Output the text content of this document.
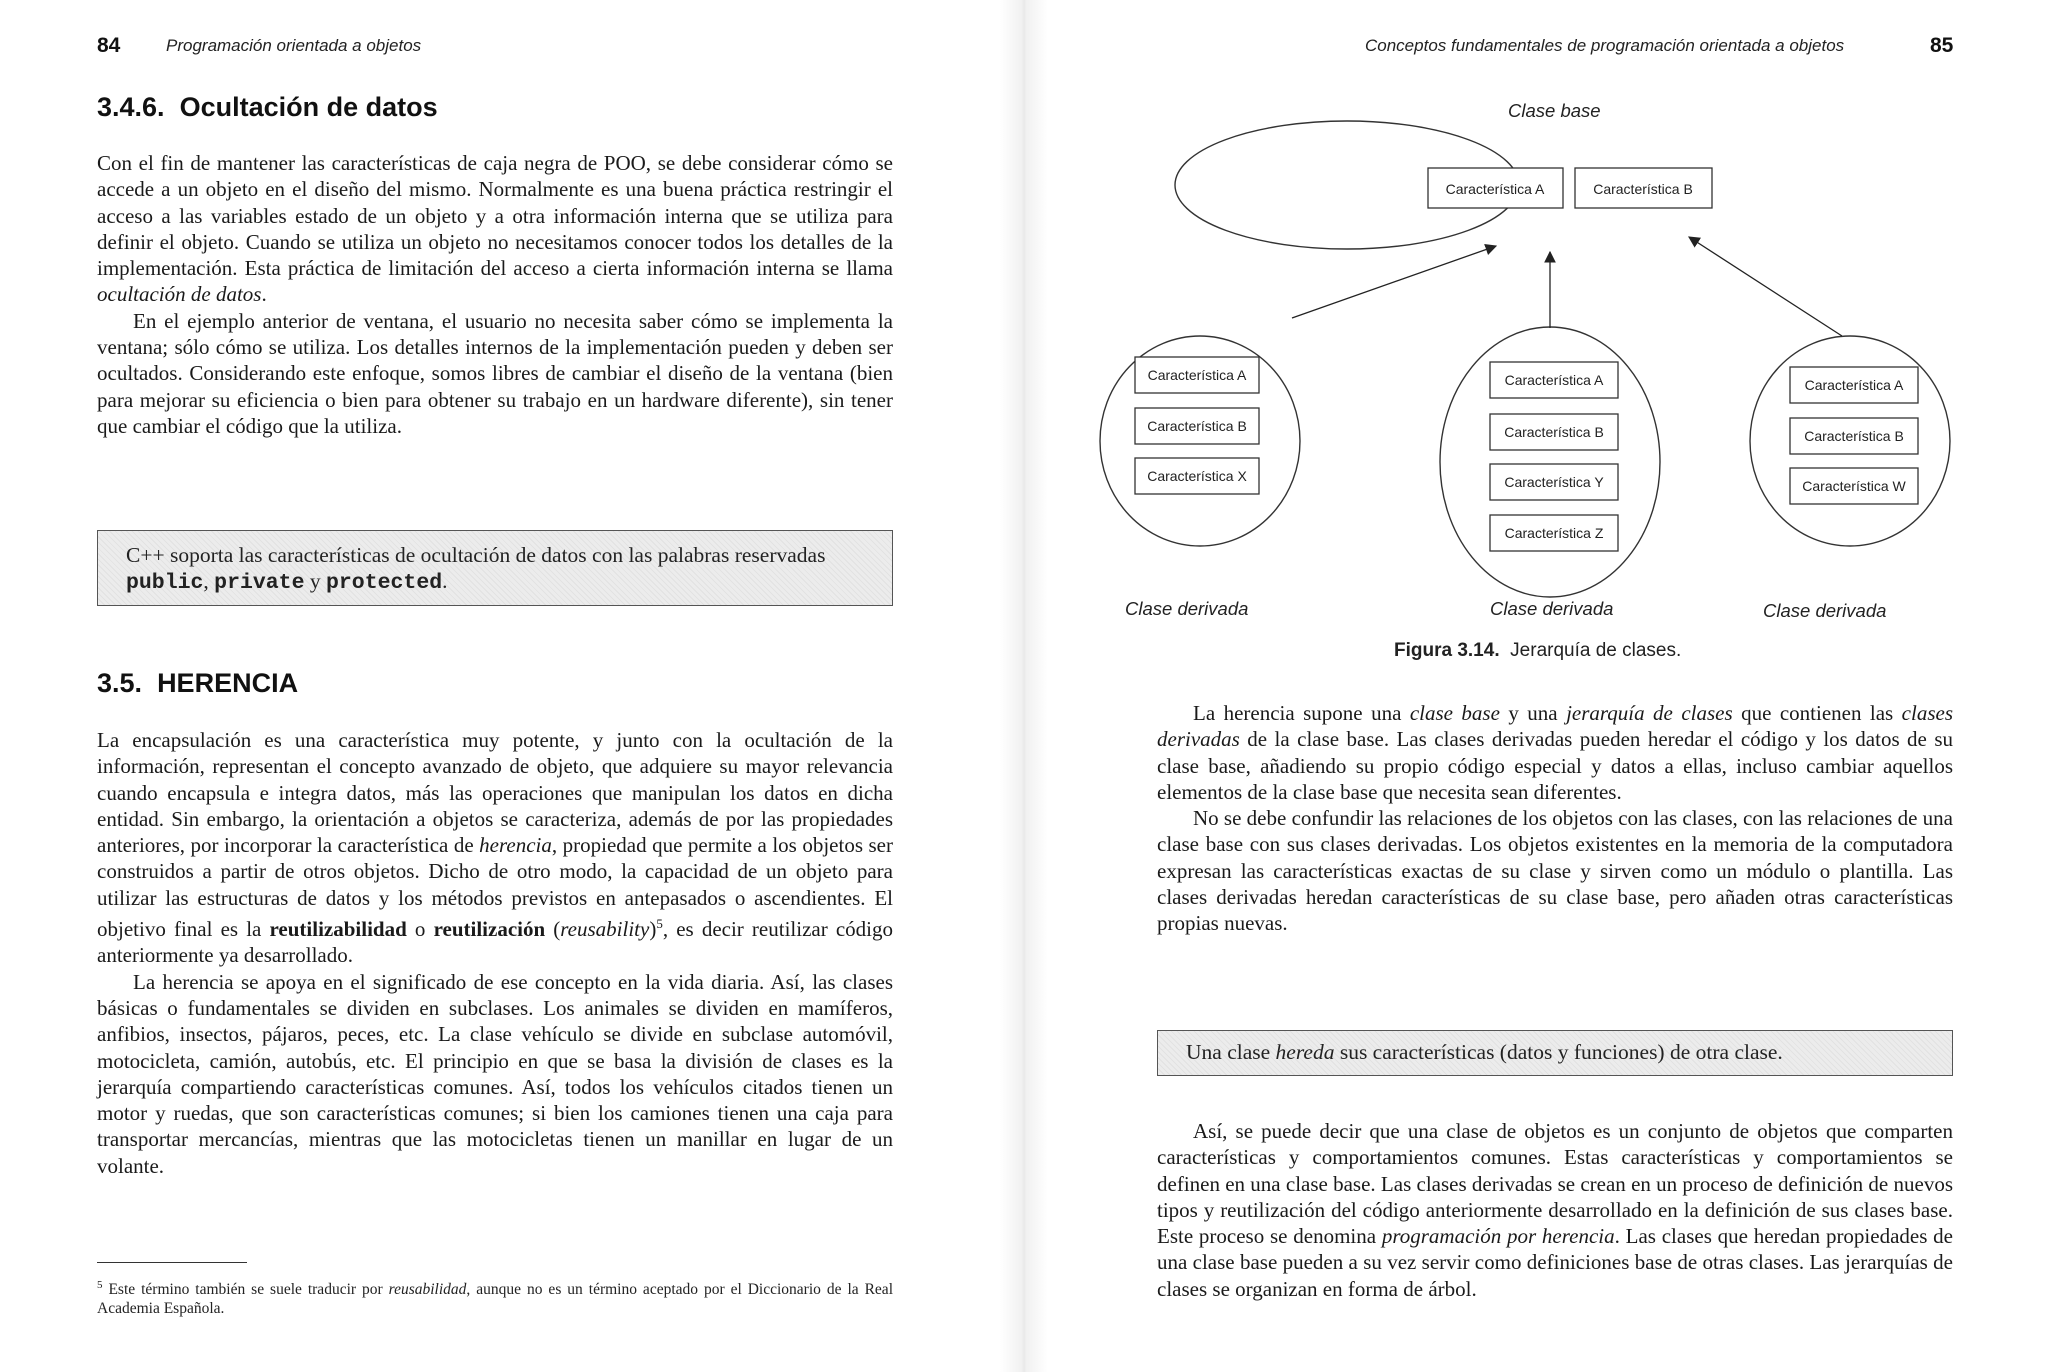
84	Programación orientada a objetos
3.4.6. Ocultación de datos

Con el fin de mantener las características de caja negra de POO, se debe considerar cómo se accede a un objeto en el diseño del mismo. Normalmente es una buena práctica restringir el acceso a las variables estado de un objeto y a otra información interna que se utiliza para definir el objeto. Cuando se utiliza un objeto no necesitamos conocer todos los detalles de la implementación. Esta práctica de limitación del acceso a cierta información interna se llama ocultación de datos.

En el ejemplo anterior de ventana, el usuario no necesita saber cómo se implementa la ventana; sólo cómo se utiliza. Los detalles internos de la implementación pueden y deben ser ocultados. Considerando este enfoque, somos libres de cambiar el diseño de la ventana (bien para mejorar su eficiencia o bien para obtener su trabajo en un hardware diferente), sin tener que cambiar el código que la utiliza.

C++ soporta las características de ocultación de datos con las palabras reservadas public, private y protected.

3.5. HERENCIA

La encapsulación es una característica muy potente, y junto con la ocultación de la información, representan el concepto avanzado de objeto, que adquiere su mayor relevancia cuando encapsula e integra datos, más las operaciones que manipulan los datos en dicha entidad. Sin embargo, la orientación a objetos se caracteriza, además de por las propiedades anteriores, por incorporar la característica de herencia, propiedad que permite a los objetos ser construidos a partir de otros objetos. Dicho de otro modo, la capacidad de un objeto para utilizar las estructuras de datos y los métodos previstos en antepasados o ascendientes. El objetivo final es la reutilizabilidad o reutilización (reusability)$^5$, es decir reutilizar código anteriormente ya desarrollado.

La herencia se apoya en el significado de ese concepto en la vida diaria. Así, las clases básicas o fundamentales se dividen en subclases. Los animales se dividen en mamíferos, anfibios, insectos, pájaros, peces, etc. La clase vehículo se divide en subclase automóvil, motocicleta, camión, autobús, etc. El principio en que se basa la división de clases es la jerarquía compartiendo características comunes. Así, todos los vehículos citados tienen un motor y ruedas, que son características comunes; si bien los camiones tienen una caja para transportar mercancías, mientras que las motocicletas tienen un manillar en lugar de un volante.

$^5$ Este término también se suele traducir por reusabilidad, aunque no es un término aceptado por el Diccionario de la Real Academia Española.
Conceptos fundamentales de programación orientada a objetos	85
Característica A	Característica B
Característica A
Característica B
Característica X
Característica A
Característica B
Característica Y
Característica Z
Característica A
Característica B
Característica W
Clase base
Clase derivada	Clase derivada	Clase derivada
Figura 3.14. Jerarquía de clases.

La herencia supone una clase base y una jerarquía de clases que contienen las clases derivadas de la clase base. Las clases derivadas pueden heredar el código y los datos de su clase base, añadiendo su propio código especial y datos a ellas, incluso cambiar aquellos elementos de la clase base que necesita sean diferentes.

No se debe confundir las relaciones de los objetos con las clases, con las relaciones de una clase base con sus clases derivadas. Los objetos existentes en la memoria de la computadora expresan las características exactas de su clase y sirven como un módulo o plantilla. Las clases derivadas heredan características de su clase base, pero añaden otras características propias nuevas.

Una clase hereda sus características (datos y funciones) de otra clase.

Así, se puede decir que una clase de objetos es un conjunto de objetos que comparten características y comportamientos comunes. Estas características y comportamientos se definen en una clase base. Las clases derivadas se crean en un proceso de definición de nuevos tipos y reutilización del código anteriormente desarrollado en la definición de sus clases base. Este proceso se denomina programación por herencia. Las clases que heredan propiedades de una clase base pueden a su vez servir como definiciones base de otras clases. Las jerarquías de clases se organizan en forma de árbol.
